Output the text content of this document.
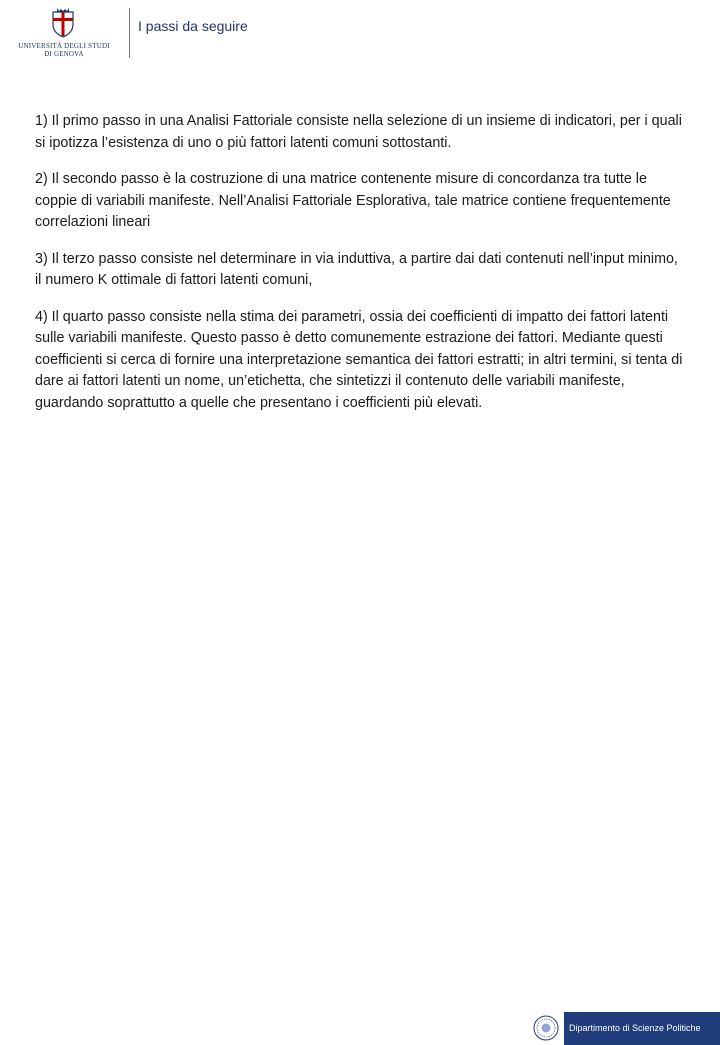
UNIVERSITÀ DEGLI STUDI
DI GENOVA
I passi da seguire

1) Il primo passo in una Analisi Fattoriale consiste nella selezione di un insieme di indicatori, per i quali si ipotizza l’esistenza di uno o più fattori latenti comuni sottostanti.

2) Il secondo passo è la costruzione di una matrice contenente misure di concordanza tra tutte le coppie di variabili manifeste. Nell’Analisi Fattoriale Esplorativa, tale matrice contiene frequentemente correlazioni lineari

3) Il terzo passo consiste nel determinare in via induttiva, a partire dai dati contenuti nell’input minimo, il numero K ottimale di fattori latenti comuni,

4) Il quarto passo consiste nella stima dei parametri, ossia dei coefficienti di impatto dei fattori latenti sulle variabili manifeste. Questo passo è detto comunemente estrazione dei fattori. Mediante questi coefficienti si cerca di fornire una interpretazione semantica dei fattori estratti; in altri termini, si tenta di dare ai fattori latenti un nome, un’etichetta, che sintetizzi il contenuto delle variabili manifeste, guardando soprattutto a quelle che presentano i coefficienti più elevati.

Dipartimento di Scienze Politiche
